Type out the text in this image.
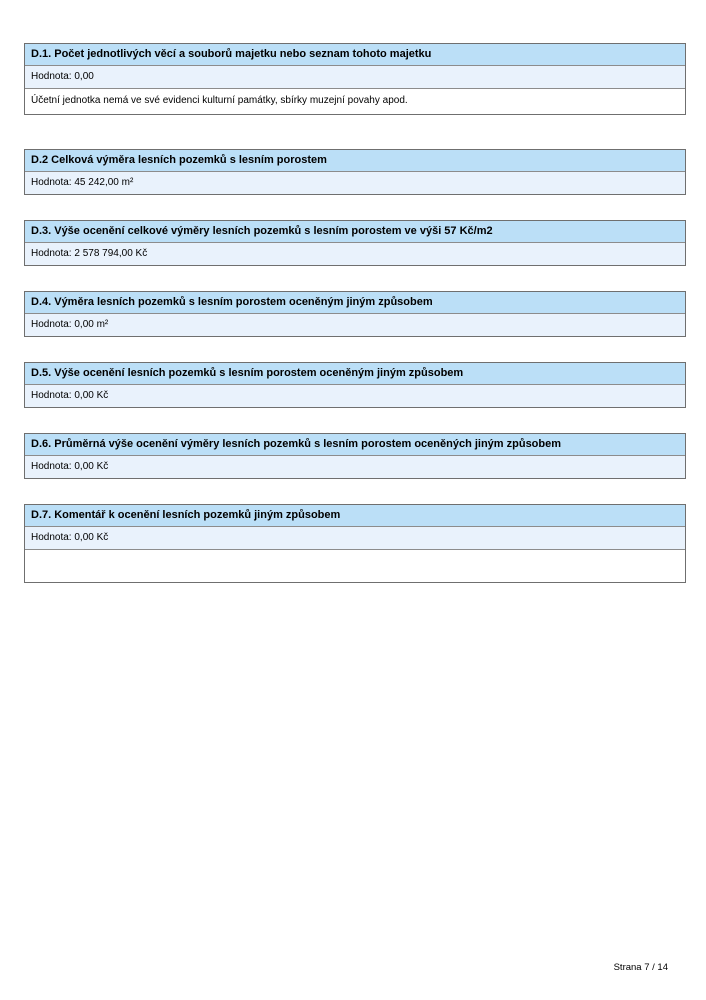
D.1. Počet jednotlivých věcí a souborů majetku nebo seznam tohoto majetku
Hodnota: 0,00
Účetní jednotka nemá ve své evidenci kulturní památky, sbírky muzejní povahy apod.
D.2 Celková výměra lesních pozemků s lesním porostem
Hodnota: 45 242,00 m²
D.3. Výše ocenění celkové výměry lesních pozemků s lesním porostem ve výši 57 Kč/m2
Hodnota: 2 578 794,00 Kč
D.4. Výměra lesních pozemků s lesním porostem oceněným jiným způsobem
Hodnota: 0,00 m²
D.5. Výše ocenění lesních pozemků s lesním porostem oceněným jiným způsobem
Hodnota: 0,00 Kč
D.6. Průměrná výše ocenění výměry lesních pozemků s lesním porostem oceněných jiným způsobem
Hodnota: 0,00 Kč
D.7. Komentář k ocenění lesních pozemků jiným způsobem
Hodnota: 0,00 Kč
Strana 7 / 14
